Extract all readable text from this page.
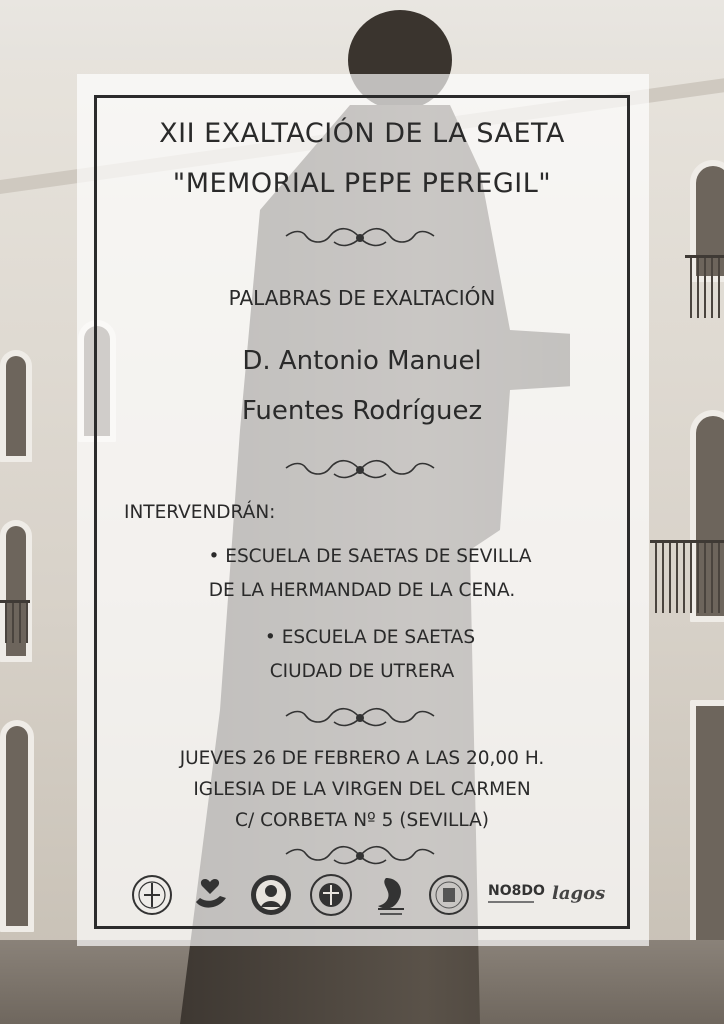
XII EXALTACIÓN DE LA SAETA
"MEMORIAL PEPE PEREGIL"
PALABRAS DE EXALTACIÓN
D. Antonio Manuel
Fuentes Rodríguez
INTERVENDRÁN:
• ESCUELA DE SAETAS DE SEVILLA
DE LA HERMANDAD DE LA CENA.
• ESCUELA DE SAETAS
CIUDAD DE UTRERA
JUEVES 26 DE FEBRERO A LAS 20,00 H.
IGLESIA DE LA VIRGEN DEL CARMEN
C/ CORBETA Nº 5 (SEVILLA)
NO8DO lagos
